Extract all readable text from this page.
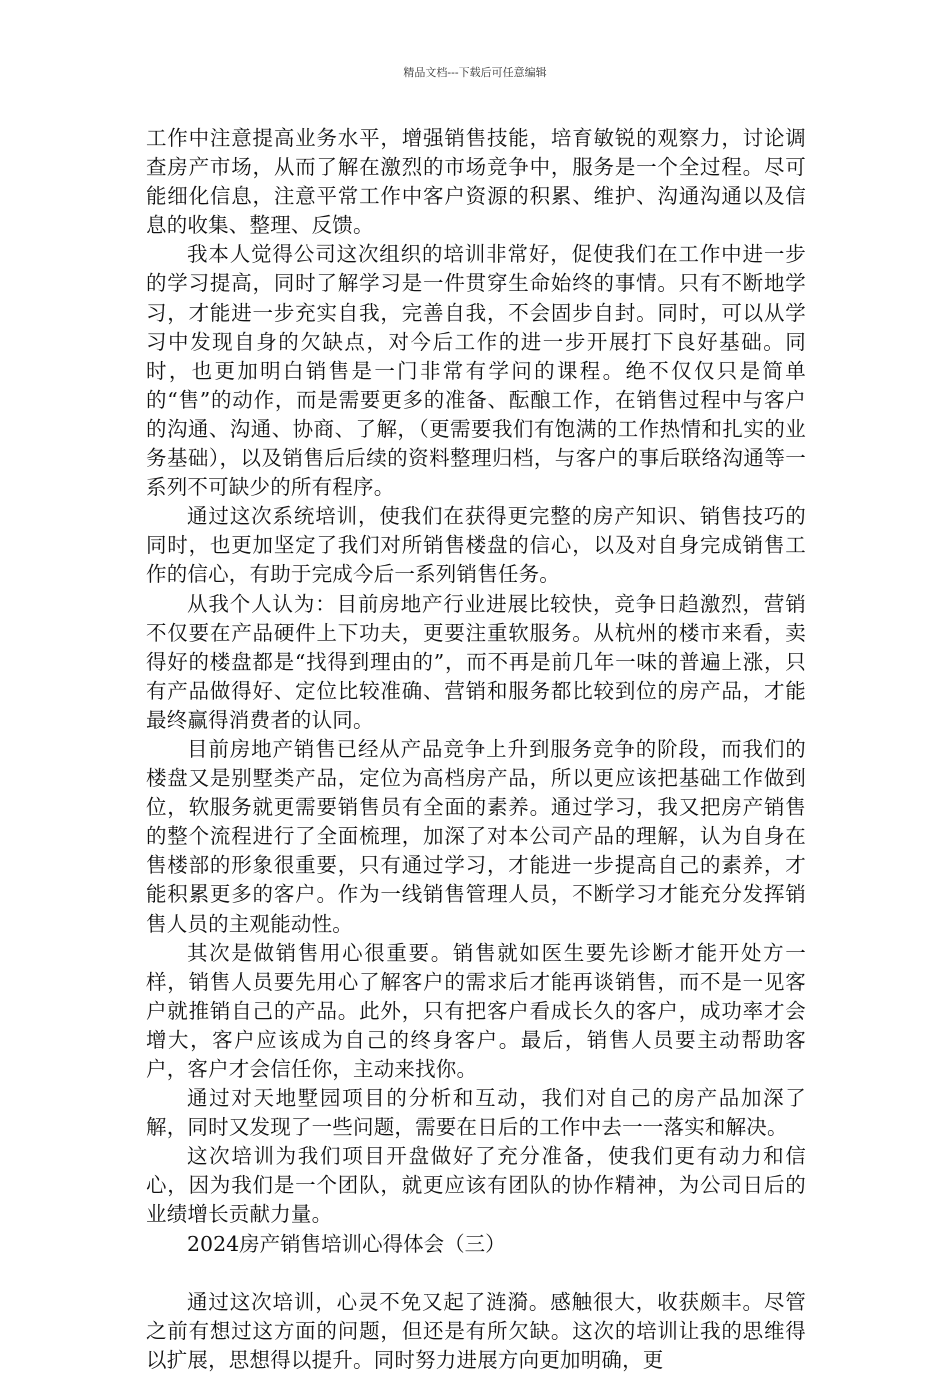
精品文档---下载后可任意编辑

工作中注意提高业务水平，增强销售技能，培育敏锐的观察力，讨论调查房产市场，从而了解在激烈的市场竞争中，服务是一个全过程。尽可能细化信息，注意平常工作中客户资源的积累、维护、沟通沟通以及信息的收集、整理、反馈。

我本人觉得公司这次组织的培训非常好，促使我们在工作中进一步的学习提高，同时了解学习是一件贯穿生命始终的事情。只有不断地学习，才能进一步充实自我，完善自我，不会固步自封。同时，可以从学习中发现自身的欠缺点，对今后工作的进一步开展打下良好基础。同时，也更加明白销售是一门非常有学问的课程。绝不仅仅只是简单的“售”的动作，而是需要更多的准备、酝酿工作，在销售过程中与客户的沟通、沟通、协商、了解，（更需要我们有饱满的工作热情和扎实的业务基础），以及销售后后续的资料整理归档，与客户的事后联络沟通等一系列不可缺少的所有程序。

通过这次系统培训，使我们在获得更完整的房产知识、销售技巧的同时，也更加坚定了我们对所销售楼盘的信心，以及对自身完成销售工作的信心，有助于完成今后一系列销售任务。

从我个人认为：目前房地产行业进展比较快，竞争日趋激烈，营销不仅要在产品硬件上下功夫，更要注重软服务。从杭州的楼市来看，卖得好的楼盘都是“找得到理由的”，而不再是前几年一味的普遍上涨，只有产品做得好、定位比较准确、营销和服务都比较到位的房产品，才能最终赢得消费者的认同。

目前房地产销售已经从产品竞争上升到服务竞争的阶段，而我们的楼盘又是别墅类产品，定位为高档房产品，所以更应该把基础工作做到位，软服务就更需要销售员有全面的素养。通过学习，我又把房产销售的整个流程进行了全面梳理，加深了对本公司产品的理解，认为自身在售楼部的形象很重要，只有通过学习，才能进一步提高自己的素养，才能积累更多的客户。作为一线销售管理人员，不断学习才能充分发挥销售人员的主观能动性。

其次是做销售用心很重要。销售就如医生要先诊断才能开处方一样，销售人员要先用心了解客户的需求后才能再谈销售，而不是一见客户就推销自己的产品。此外，只有把客户看成长久的客户，成功率才会增大，客户应该成为自己的终身客户。最后，销售人员要主动帮助客户，客户才会信任你，主动来找你。

通过对天地墅园项目的分析和互动，我们对自己的房产品加深了解，同时又发现了一些问题，需要在日后的工作中去一一落实和解决。

这次培训为我们项目开盘做好了充分准备，使我们更有动力和信心，因为我们是一个团队，就更应该有团队的协作精神，为公司日后的业绩增长贡献力量。

2024房产销售培训心得体会（三）

通过这次培训，心灵不免又起了涟漪。感触很大，收获颇丰。尽管之前有想过这方面的问题，但还是有所欠缺。这次的培训让我的思维得以扩展，思想得以提升。同时努力进展方向更加明确，更
